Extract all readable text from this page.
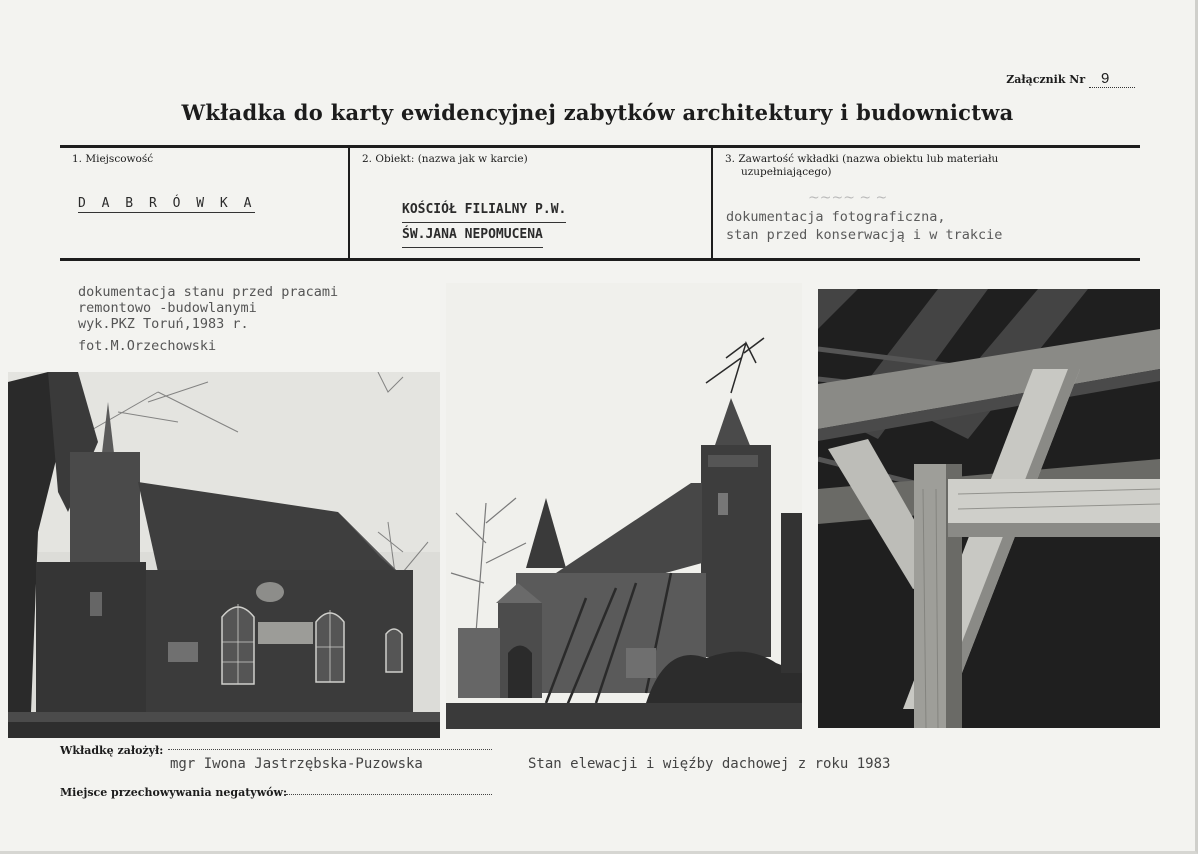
Załącznik Nr 9
Wkładka do karty ewidencyjnej zabytków architektury i budownictwa
1. Miejscowość	2. Obiekt: (nazwa jak w karcie)	3. Zawartość wkładki (nazwa obiektu lub materiału
uzupełniającego)
D A B R Ó W K A	KOŚCIÓŁ FILIALNY P.W.
ŚW.JANA NEPOMUCENA
~~~~ ~ ~
dokumentacja fotograficzna,
stan przed konserwacją i w trakcie
dokumentacja stanu przed pracami
remontowo -budowlanymi
wyk.PKZ Toruń,1983 r.
fot.M.Orzechowski
Wkładkę założył:
mgr Iwona Jastrzębska-Puzowska	Stan elewacji i więźby dachowej z roku 1983
Miejsce przechowywania negatywów:
